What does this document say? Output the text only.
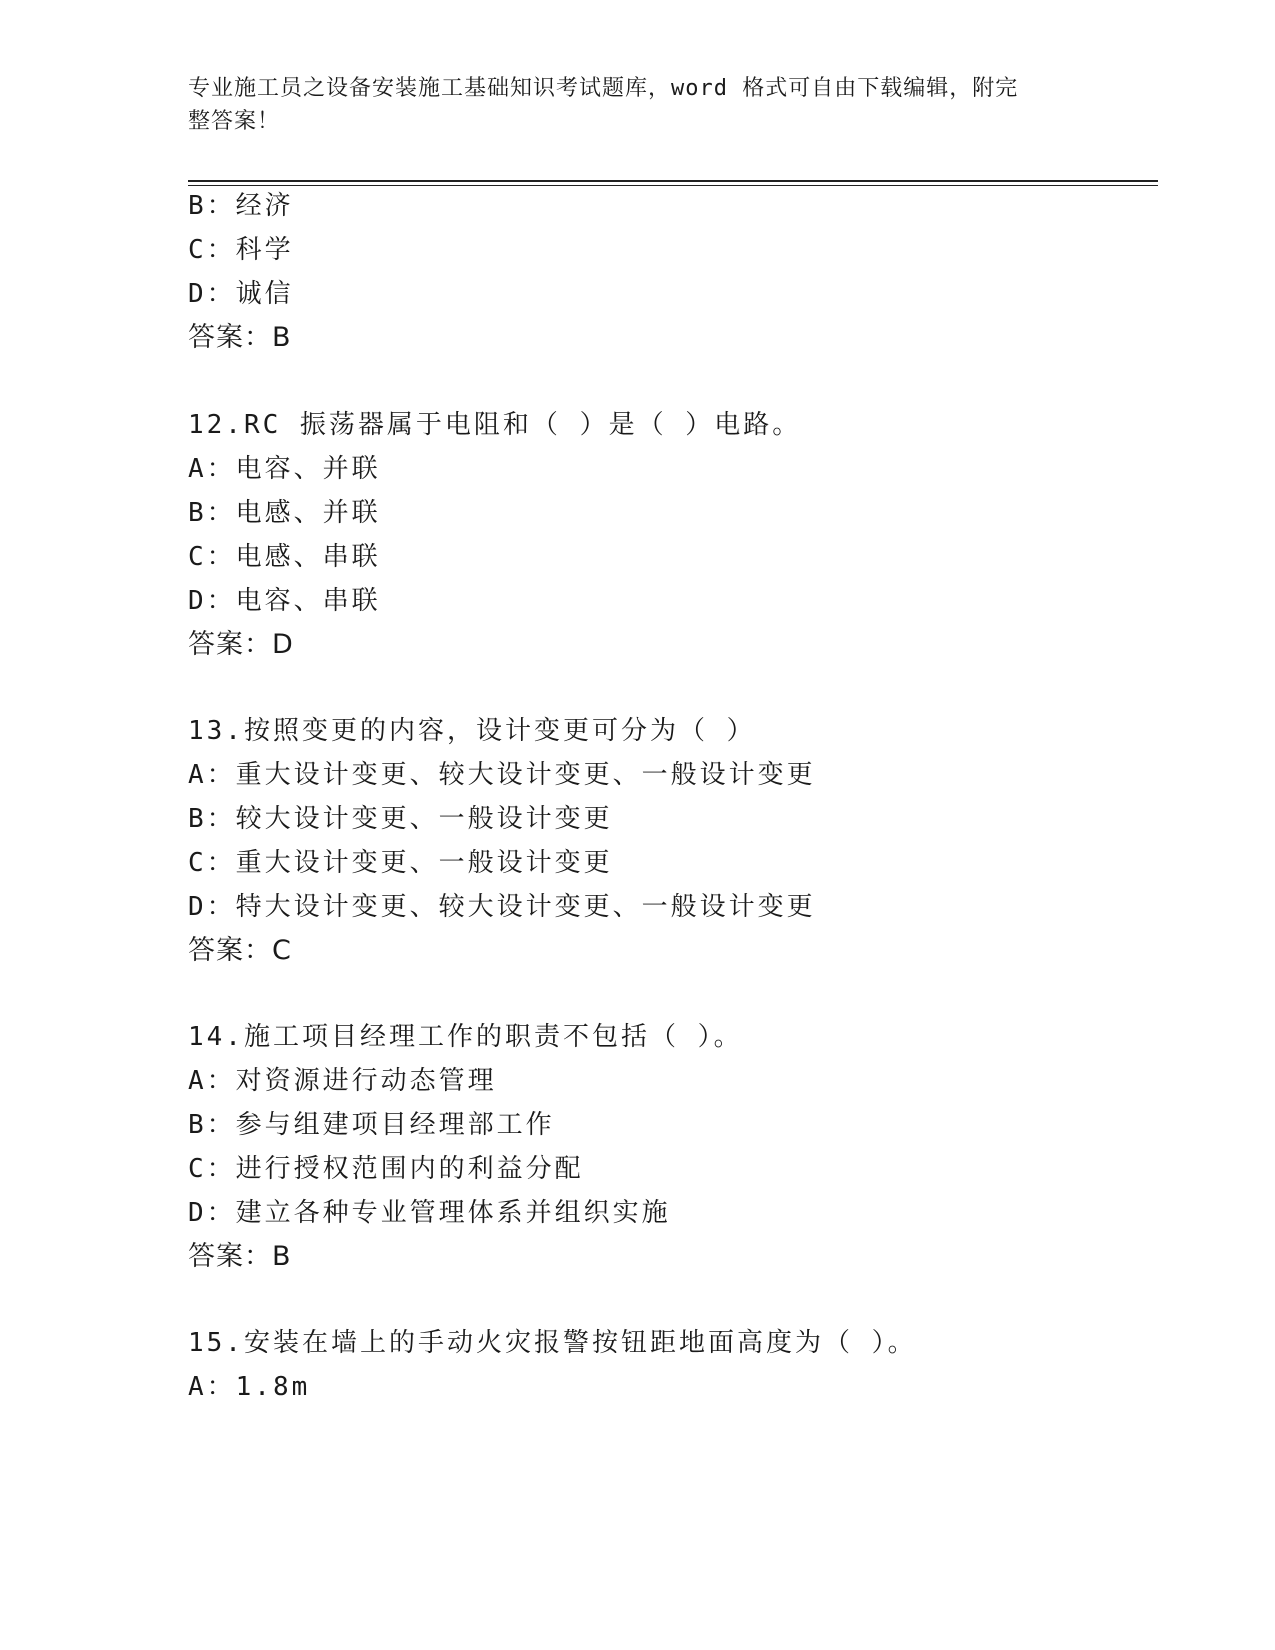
专业施工员之设备安装施工基础知识考试题库，word 格式可自由下载编辑，附完
整答案！
B：经济
C：科学
D：诚信
答案：B
12.RC 振荡器属于电阻和（ ）是（ ）电路。
A：电容、并联
B：电感、并联
C：电感、串联
D：电容、串联
答案：D
13.按照变更的内容，设计变更可分为（ ）
A：重大设计变更、较大设计变更、一般设计变更
B：较大设计变更、一般设计变更
C：重大设计变更、一般设计变更
D：特大设计变更、较大设计变更、一般设计变更
答案：C
14.施工项目经理工作的职责不包括（ ）。
A：对资源进行动态管理
B：参与组建项目经理部工作
C：进行授权范围内的利益分配
D：建立各种专业管理体系并组织实施
答案：B
15.安装在墙上的手动火灾报警按钮距地面高度为（ ）。
A：1.8m
